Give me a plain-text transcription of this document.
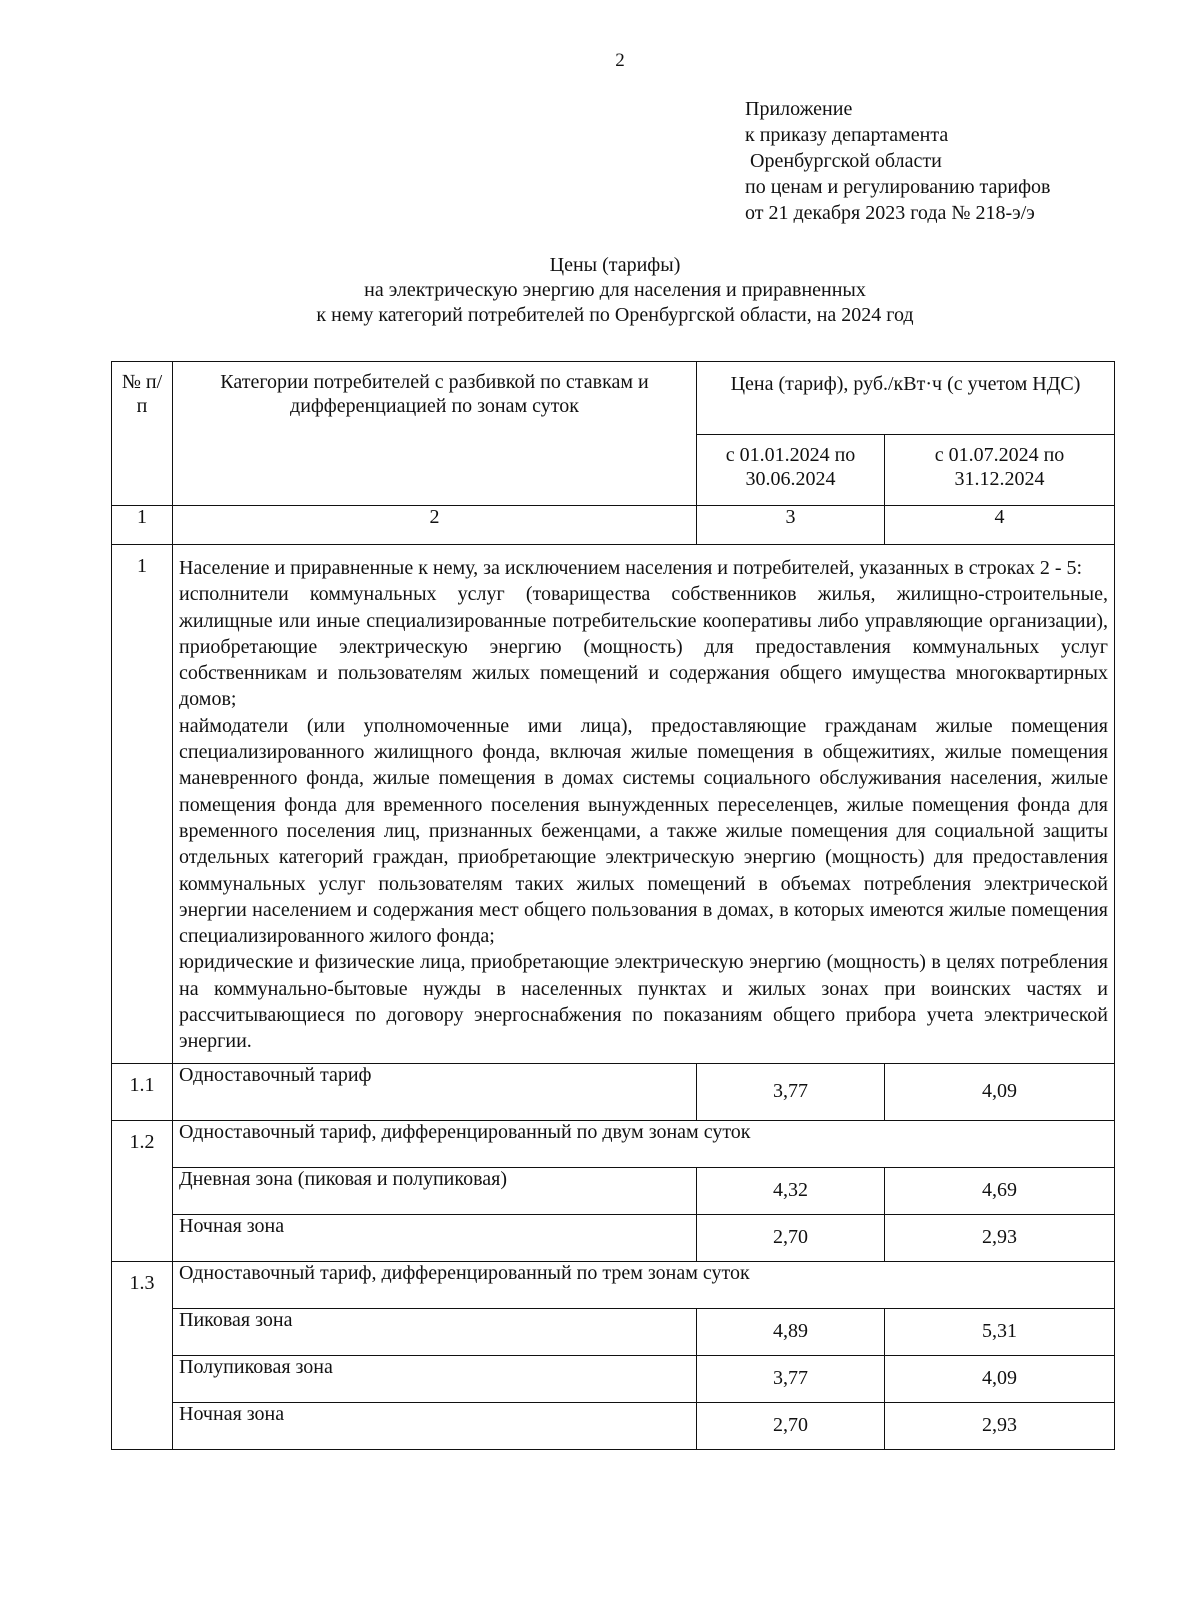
2
Приложение
к приказу департамента
Оренбургской области
по ценам и регулированию тарифов
от 21 декабря 2023 года № 218-э/э
Цены (тарифы)
на электрическую энергию для населения и приравненных
к нему категорий потребителей по Оренбургской области, на 2024 год
№ п/п	Категории потребителей с разбивкой по ставкам и дифференциацией по зонам суток	Цена (тариф), руб./кВт·ч (с учетом НДС)	
		с 01.01.2024 по 30.06.2024	с 01.07.2024 по 31.12.2024
1	2	3	4
1	Население и приравненные к нему, за исключением населения и потребителей, указанных в строках 2 - 5:

исполнители коммунальных услуг (товарищества собственников жилья, жилищно-строительные, жилищные или иные специализированные потребительские кооперативы либо управляющие организации), приобретающие электрическую энергию (мощность) для предоставления коммунальных услуг собственникам и пользователям жилых помещений и содержания общего имущества многоквартирных домов;

наймодатели (или уполномоченные ими лица), предоставляющие гражданам жилые помещения специализированного жилищного фонда, включая жилые помещения в общежитиях, жилые помещения маневренного фонда, жилые помещения в домах системы социального обслуживания населения, жилые помещения фонда для временного поселения вынужденных переселенцев, жилые помещения фонда для временного поселения лиц, признанных беженцами, а также жилые помещения для социальной защиты отдельных категорий граждан, приобретающие электрическую энергию (мощность) для предоставления коммунальных услуг пользователям таких жилых помещений в объемах потребления электрической энергии населением и содержания мест общего пользования в домах, в которых имеются жилые помещения специализированного жилого фонда;

юридические и физические лица, приобретающие электрическую энергию (мощность) в целях потребления на коммунально-бытовые нужды в населенных пунктах и жилых зонах при воинских частях и рассчитывающиеся по договору энергоснабжения по показаниям общего прибора учета электрической энергии.		

1.1	Одноставочный тариф	3,77	4,09
1.2	Одноставочный тариф, дифференцированный по двум зонам суток		
	Дневная зона (пиковая и полупиковая)	4,32	4,69
	Ночная зона	2,70	2,93
1.3	Одноставочный тариф, дифференцированный по трем зонам суток		
	Пиковая зона	4,89	5,31
	Полупиковая зона	3,77	4,09
	Ночная зона	2,70	2,93
